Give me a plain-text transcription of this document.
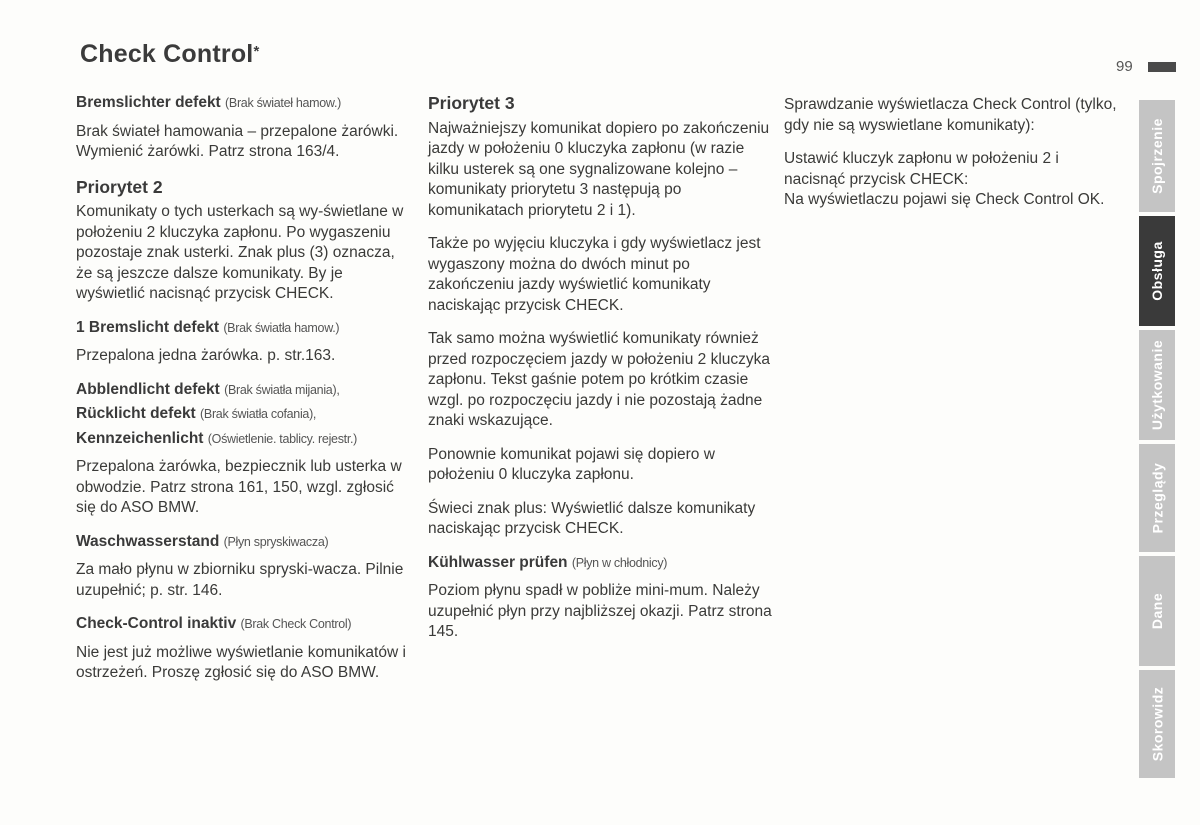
Check Control*
99
Bremslichter defekt (Brak świateł hamow.)
Brak świateł hamowania – przepalone żarówki.
Wymienić żarówki. Patrz strona 163/4.
Priorytet 2
Komunikaty o tych usterkach są wy-świetlane w położeniu 2 kluczyka zapłonu. Po wygaszeniu pozostaje znak usterki. Znak plus (3) oznacza, że są jeszcze dalsze komunikaty. By je wyświetlić nacisnąć przycisk CHECK.
1 Bremslicht defekt (Brak światła hamow.)
Przepalona jedna żarówka. p. str.163.
Abblendlicht defekt (Brak światła mijania),
Rücklicht defekt (Brak światła cofania),
Kennzeichenlicht (Oświetlenie. tablicy. rejestr.)
Przepalona żarówka, bezpiecznik lub usterka w obwodzie. Patrz strona 161, 150, wzgl. zgłosić się do ASO BMW.
Waschwasserstand (Płyn spryskiwacza)
Za mało płynu w zbiorniku spryski-wacza. Pilnie uzupełnić; p. str. 146.
Check-Control inaktiv (Brak Check Control)
Nie jest już możliwe wyświetlanie komunikatów i ostrzeżeń. Proszę zgłosić się do ASO BMW.
Priorytet 3
Najważniejszy komunikat dopiero po zakończeniu jazdy w położeniu 0 kluczyka zapłonu (w razie kilku usterek są one sygnalizowane kolejno – komunikaty priorytetu 3 następują po komunikatach priorytetu 2 i 1).
Także po wyjęciu kluczyka i gdy wyświetlacz jest wygaszony można do dwóch minut po zakończeniu jazdy wyświetlić komunikaty naciskając przycisk CHECK.
Tak samo można wyświetlić komunikaty również przed rozpoczęciem jazdy w położeniu 2 kluczyka zapłonu. Tekst gaśnie potem po krótkim czasie wzgl. po rozpoczęciu jazdy i nie pozostają żadne znaki wskazujące.
Ponownie komunikat pojawi się dopiero w położeniu 0 kluczyka zapłonu.
Świeci znak plus: Wyświetlić dalsze komunikaty naciskając przycisk CHECK.
Kühlwasser prüfen (Płyn w chłodnicy)
Poziom płynu spadł w pobliże mini-mum. Należy uzupełnić płyn przy najbliższej okazji. Patrz strona 145.
Sprawdzanie wyświetlacza Check Control (tylko, gdy nie są wyswietlane komunikaty):
Ustawić kluczyk zapłonu w położeniu 2 i nacisnąć przycisk CHECK:
Na wyświetlaczu pojawi się Check Control OK.
Spojrzenie
Obsługa
Użytkowanie
Przeglądy
Dane
Skorowidz
